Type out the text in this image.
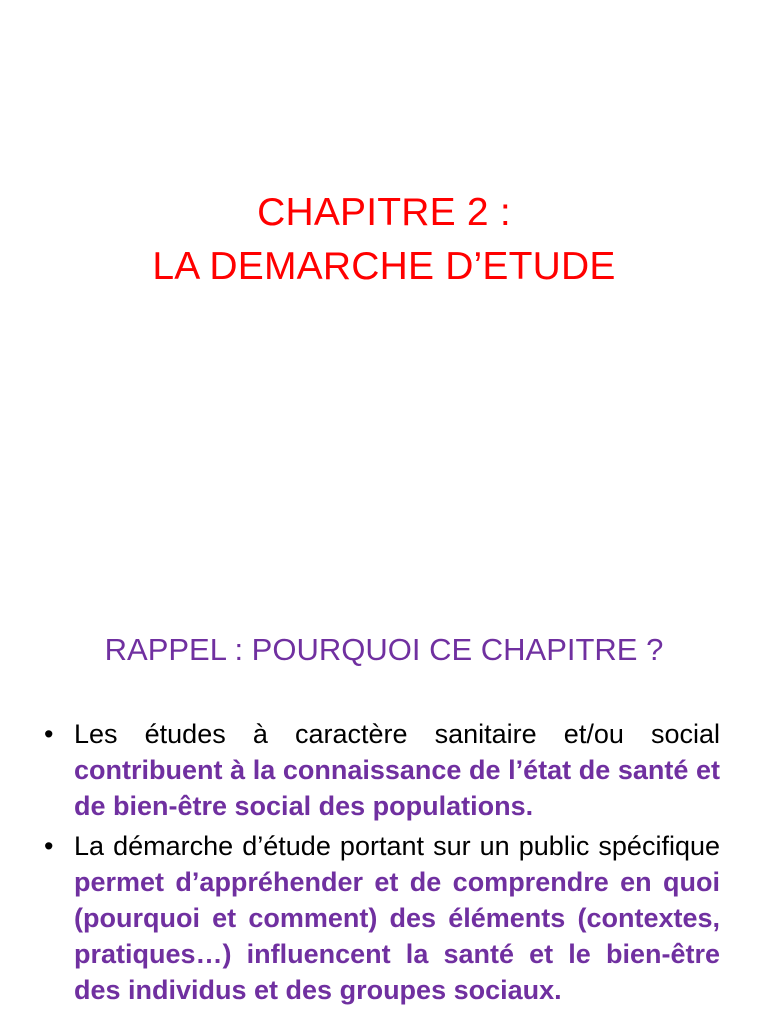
CHAPITRE 2 :
LA DEMARCHE D’ETUDE
RAPPEL : POURQUOI CE CHAPITRE ?
• Les études à caractère sanitaire et/ou social contribuent à la connaissance de l’état de santé et de bien-être social des populations.
• La démarche d’étude portant sur un public spécifique permet d’appréhender et de comprendre en quoi (pourquoi et comment) des éléments (contextes, pratiques…) influencent la santé et le bien-être des individus et des groupes sociaux.
